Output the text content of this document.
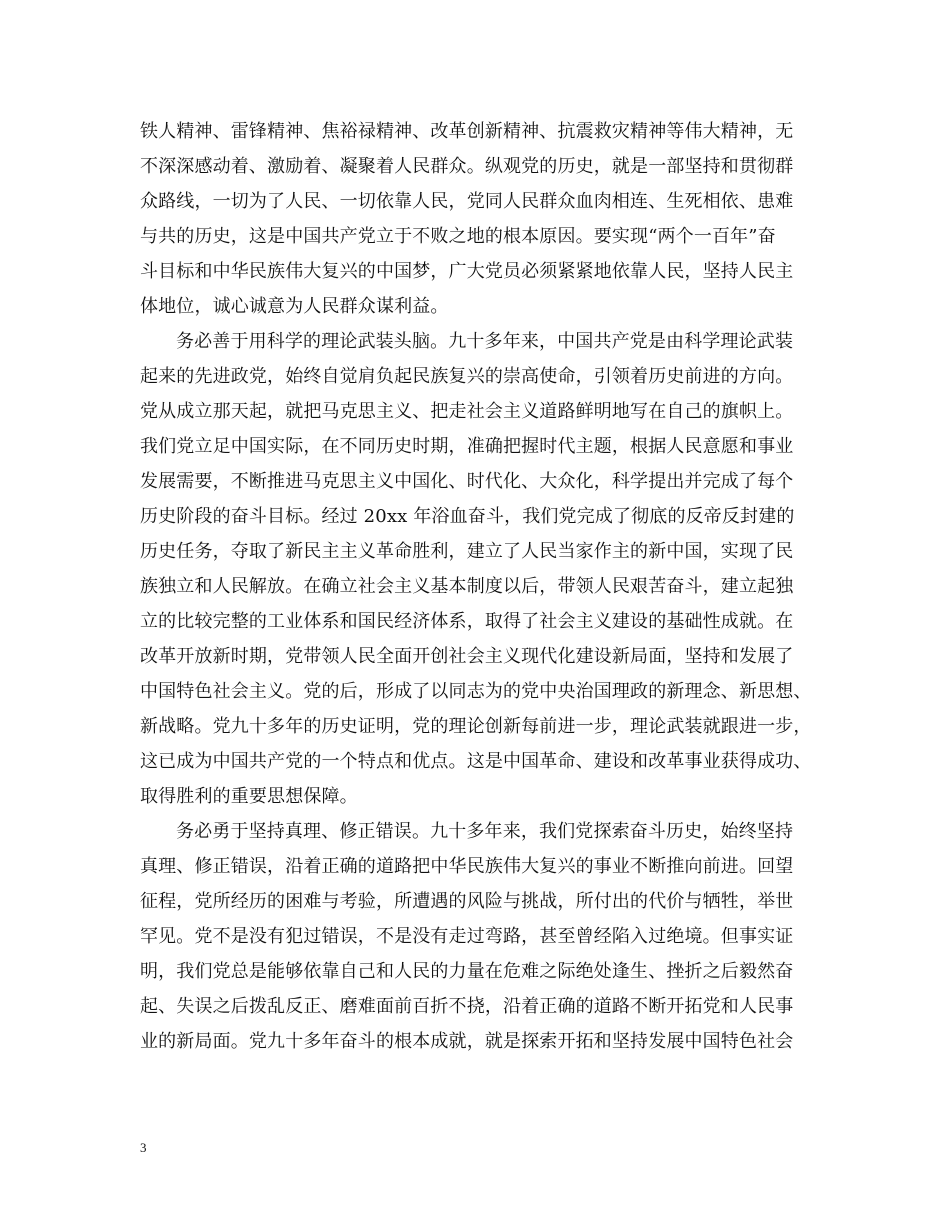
铁人精神、雷锋精神、焦裕禄精神、改革创新精神、抗震救灾精神等伟大精神，无
不深深感动着、激励着、凝聚着人民群众。纵观党的历史，就是一部坚持和贯彻群
众路线，一切为了人民、一切依靠人民，党同人民群众血肉相连、生死相依、患难
与共的历史，这是中国共产党立于不败之地的根本原因。要实现“两个一百年”奋
斗目标和中华民族伟大复兴的中国梦，广大党员必须紧紧地依靠人民，坚持人民主
体地位，诚心诚意为人民群众谋利益。
务必善于用科学的理论武装头脑。九十多年来，中国共产党是由科学理论武装
起来的先进政党，始终自觉肩负起民族复兴的崇高使命，引领着历史前进的方向。
党从成立那天起，就把马克思主义、把走社会主义道路鲜明地写在自己的旗帜上。
我们党立足中国实际，在不同历史时期，准确把握时代主题，根据人民意愿和事业
发展需要，不断推进马克思主义中国化、时代化、大众化，科学提出并完成了每个
历史阶段的奋斗目标。经过 20xx 年浴血奋斗，我们党完成了彻底的反帝反封建的
历史任务，夺取了新民主主义革命胜利，建立了人民当家作主的新中国，实现了民
族独立和人民解放。在确立社会主义基本制度以后，带领人民艰苦奋斗，建立起独
立的比较完整的工业体系和国民经济体系，取得了社会主义建设的基础性成就。在
改革开放新时期，党带领人民全面开创社会主义现代化建设新局面，坚持和发展了
中国特色社会主义。党的后，形成了以同志为的党中央治国理政的新理念、新思想、
新战略。党九十多年的历史证明，党的理论创新每前进一步，理论武装就跟进一步，
这已成为中国共产党的一个特点和优点。这是中国革命、建设和改革事业获得成功、
取得胜利的重要思想保障。
务必勇于坚持真理、修正错误。九十多年来，我们党探索奋斗历史，始终坚持
真理、修正错误，沿着正确的道路把中华民族伟大复兴的事业不断推向前进。回望
征程，党所经历的困难与考验，所遭遇的风险与挑战，所付出的代价与牺牲，举世
罕见。党不是没有犯过错误，不是没有走过弯路，甚至曾经陷入过绝境。但事实证
明，我们党总是能够依靠自己和人民的力量在危难之际绝处逢生、挫折之后毅然奋
起、失误之后拨乱反正、磨难面前百折不挠，沿着正确的道路不断开拓党和人民事
业的新局面。党九十多年奋斗的根本成就，就是探索开拓和坚持发展中国特色社会
3
